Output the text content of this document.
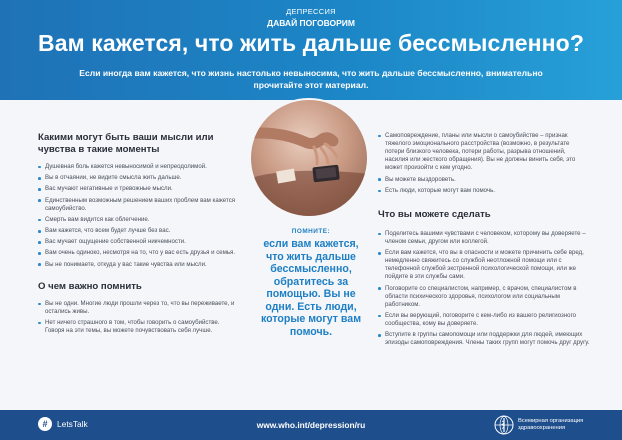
ДЕПРЕССИЯ
ДАВАЙ ПОГОВОРИМ
Вам кажется, что жить дальше бессмысленно?
Если иногда вам кажется, что жизнь настолько невыносима, что жить дальше бессмысленно, внимательно прочитайте этот материал.
Какими могут быть ваши мысли или чувства в такие моменты
Душевная боль кажется невыносимой и непреодолимой.
Вы в отчаянии, не видите смысла жить дальше.
Вас мучают негативные и тревожные мысли.
Единственным возможным решением ваших проблем вам кажется самоубийство.
Смерть вам видится как облегчение.
Вам кажется, что всем будет лучше без вас.
Вас мучает ощущение собственной никчемности.
Вам очень одиноко, несмотря на то, что у вас есть друзья и семья.
Вы не понимаете, откуда у вас такие чувства или мысли.
О чем важно помнить
Вы не одни. Многие люди прошли через то, что вы переживаете, и остались живы.
Нет ничего страшного в том, чтобы говорить о самоубийстве. Говоря на эти темы, вы можете почувствовать себя лучше.
ПОМНИТЕ:
если вам кажется, что жить дальше бессмысленно, обратитесь за помощью. Вы не одни. Есть люди, которые могут вам помочь.
Самоповреждение, планы или мысли о самоубийстве – признак тяжелого эмоционального расстройства (возможно, в результате потери близкого человека, потери работы, разрыва отношений, насилия или жесткого обращения). Вы не должны винить себя, это может произойти с кем угодно.
Вы можете выздороветь.
Есть люди, которые могут вам помочь.
Что вы можете сделать
Поделитесь вашими чувствами с человеком, которому вы доверяете – членом семьи, другом или коллегой.
Если вам кажется, что вы в опасности и можете причинить себе вред, немедленно свяжитесь со службой неотложной помощи или с телефонной службой экстренной психологической помощи, или же пойдите в эти службы сами.
Поговорите со специалистом, например, с врачом, специалистом в области психического здоровья, психологом или социальным работником.
Если вы верующий, поговорите с кем-либо из вашего религиозного сообщества, кому вы доверяете.
Вступите в группы самопомощи или поддержки для людей, имеющих эпизоды самоповреждения. Члены таких групп могут помочь друг другу.
#	LetsTalk	www.who.int/depression/ru	Всемирная организация здравоохранения
